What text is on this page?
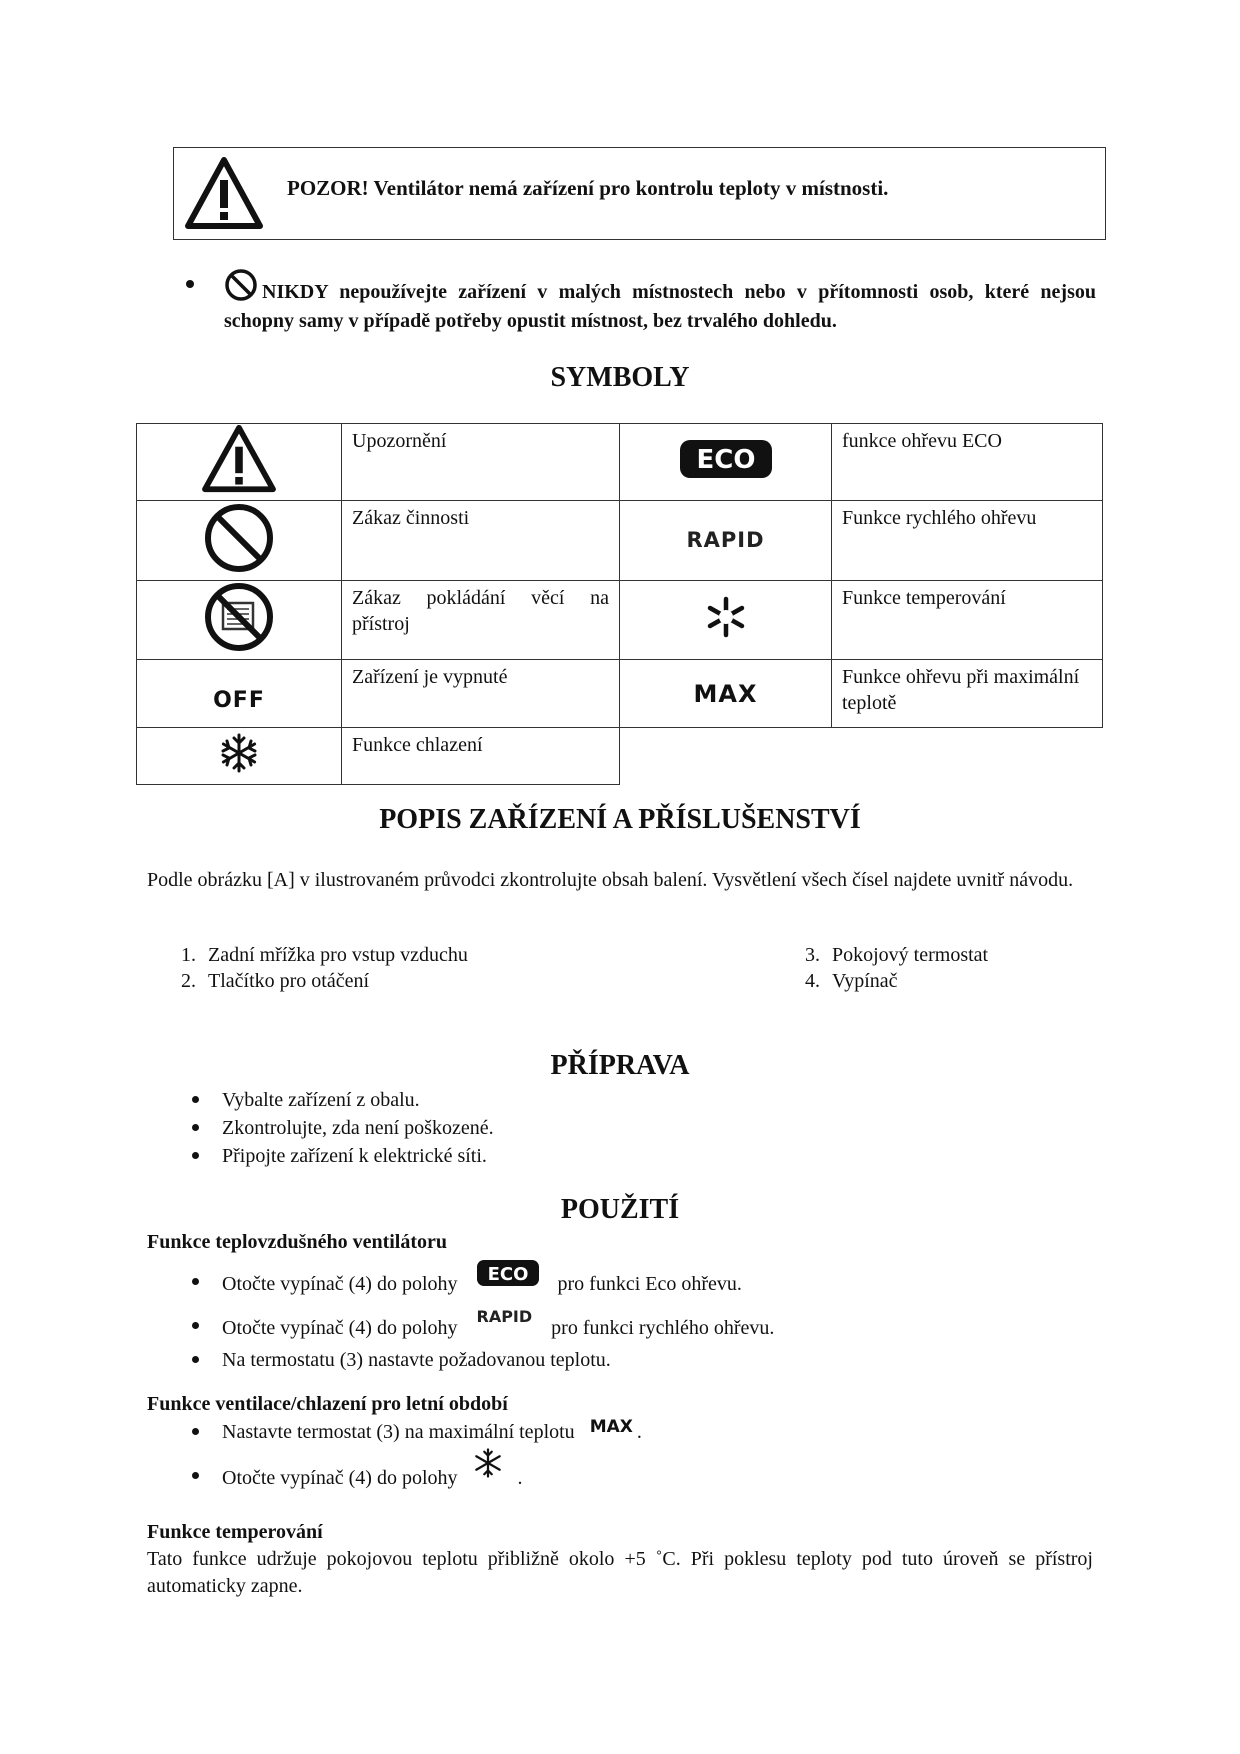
POZOR! Ventilátor nemá zařízení pro kontrolu teploty v místnosti.
NIKDY nepoužívejte zařízení v malých místnostech nebo v přítomnosti osob, které nejsou schopny samy v případě potřeby opustit místnost, bez trvalého dohledu.
SYMBOLY
	Upozornění	ECO	funkce ohřevu ECO
	Zákaz činnosti	RAPID	Funkce rychlého ohřevu
	Zákaz pokládání věcí na přístroj		Funkce temperování
OFF	Zařízení je vypnuté	MAX	Funkce ohřevu při maximální teplotě
	Funkce chlazení		
POPIS ZAŘÍZENÍ A PŘÍSLUŠENSTVÍ
Podle obrázku [A] v ilustrovaném průvodci zkontrolujte obsah balení. Vysvětlení všech čísel najdete uvnitř návodu.
1. Zadní mřížka pro vstup vzduchu
2. Tlačítko pro otáčení
3. Pokojový termostat
4. Vypínač
PŘÍPRAVA
Vybalte zařízení z obalu.
Zkontrolujte, zda není poškozené.
Připojte zařízení k elektrické síti.
POUŽITÍ
Funkce teplovzdušného ventilátoru
Otočte vypínač (4) do polohy ECO pro funkci Eco ohřevu.
Otočte vypínač (4) do polohy RAPID pro funkci rychlého ohřevu.
Na termostatu (3) nastavte požadovanou teplotu.
Funkce ventilace/chlazení pro letní období
Nastavte termostat (3) na maximální teplotu MAX .
Otočte vypínač (4) do polohy	.
Funkce temperování
Tato funkce udržuje pokojovou teplotu přibližně okolo +5 ˚C. Při poklesu teploty pod tuto úroveň se přístroj automaticky zapne.
